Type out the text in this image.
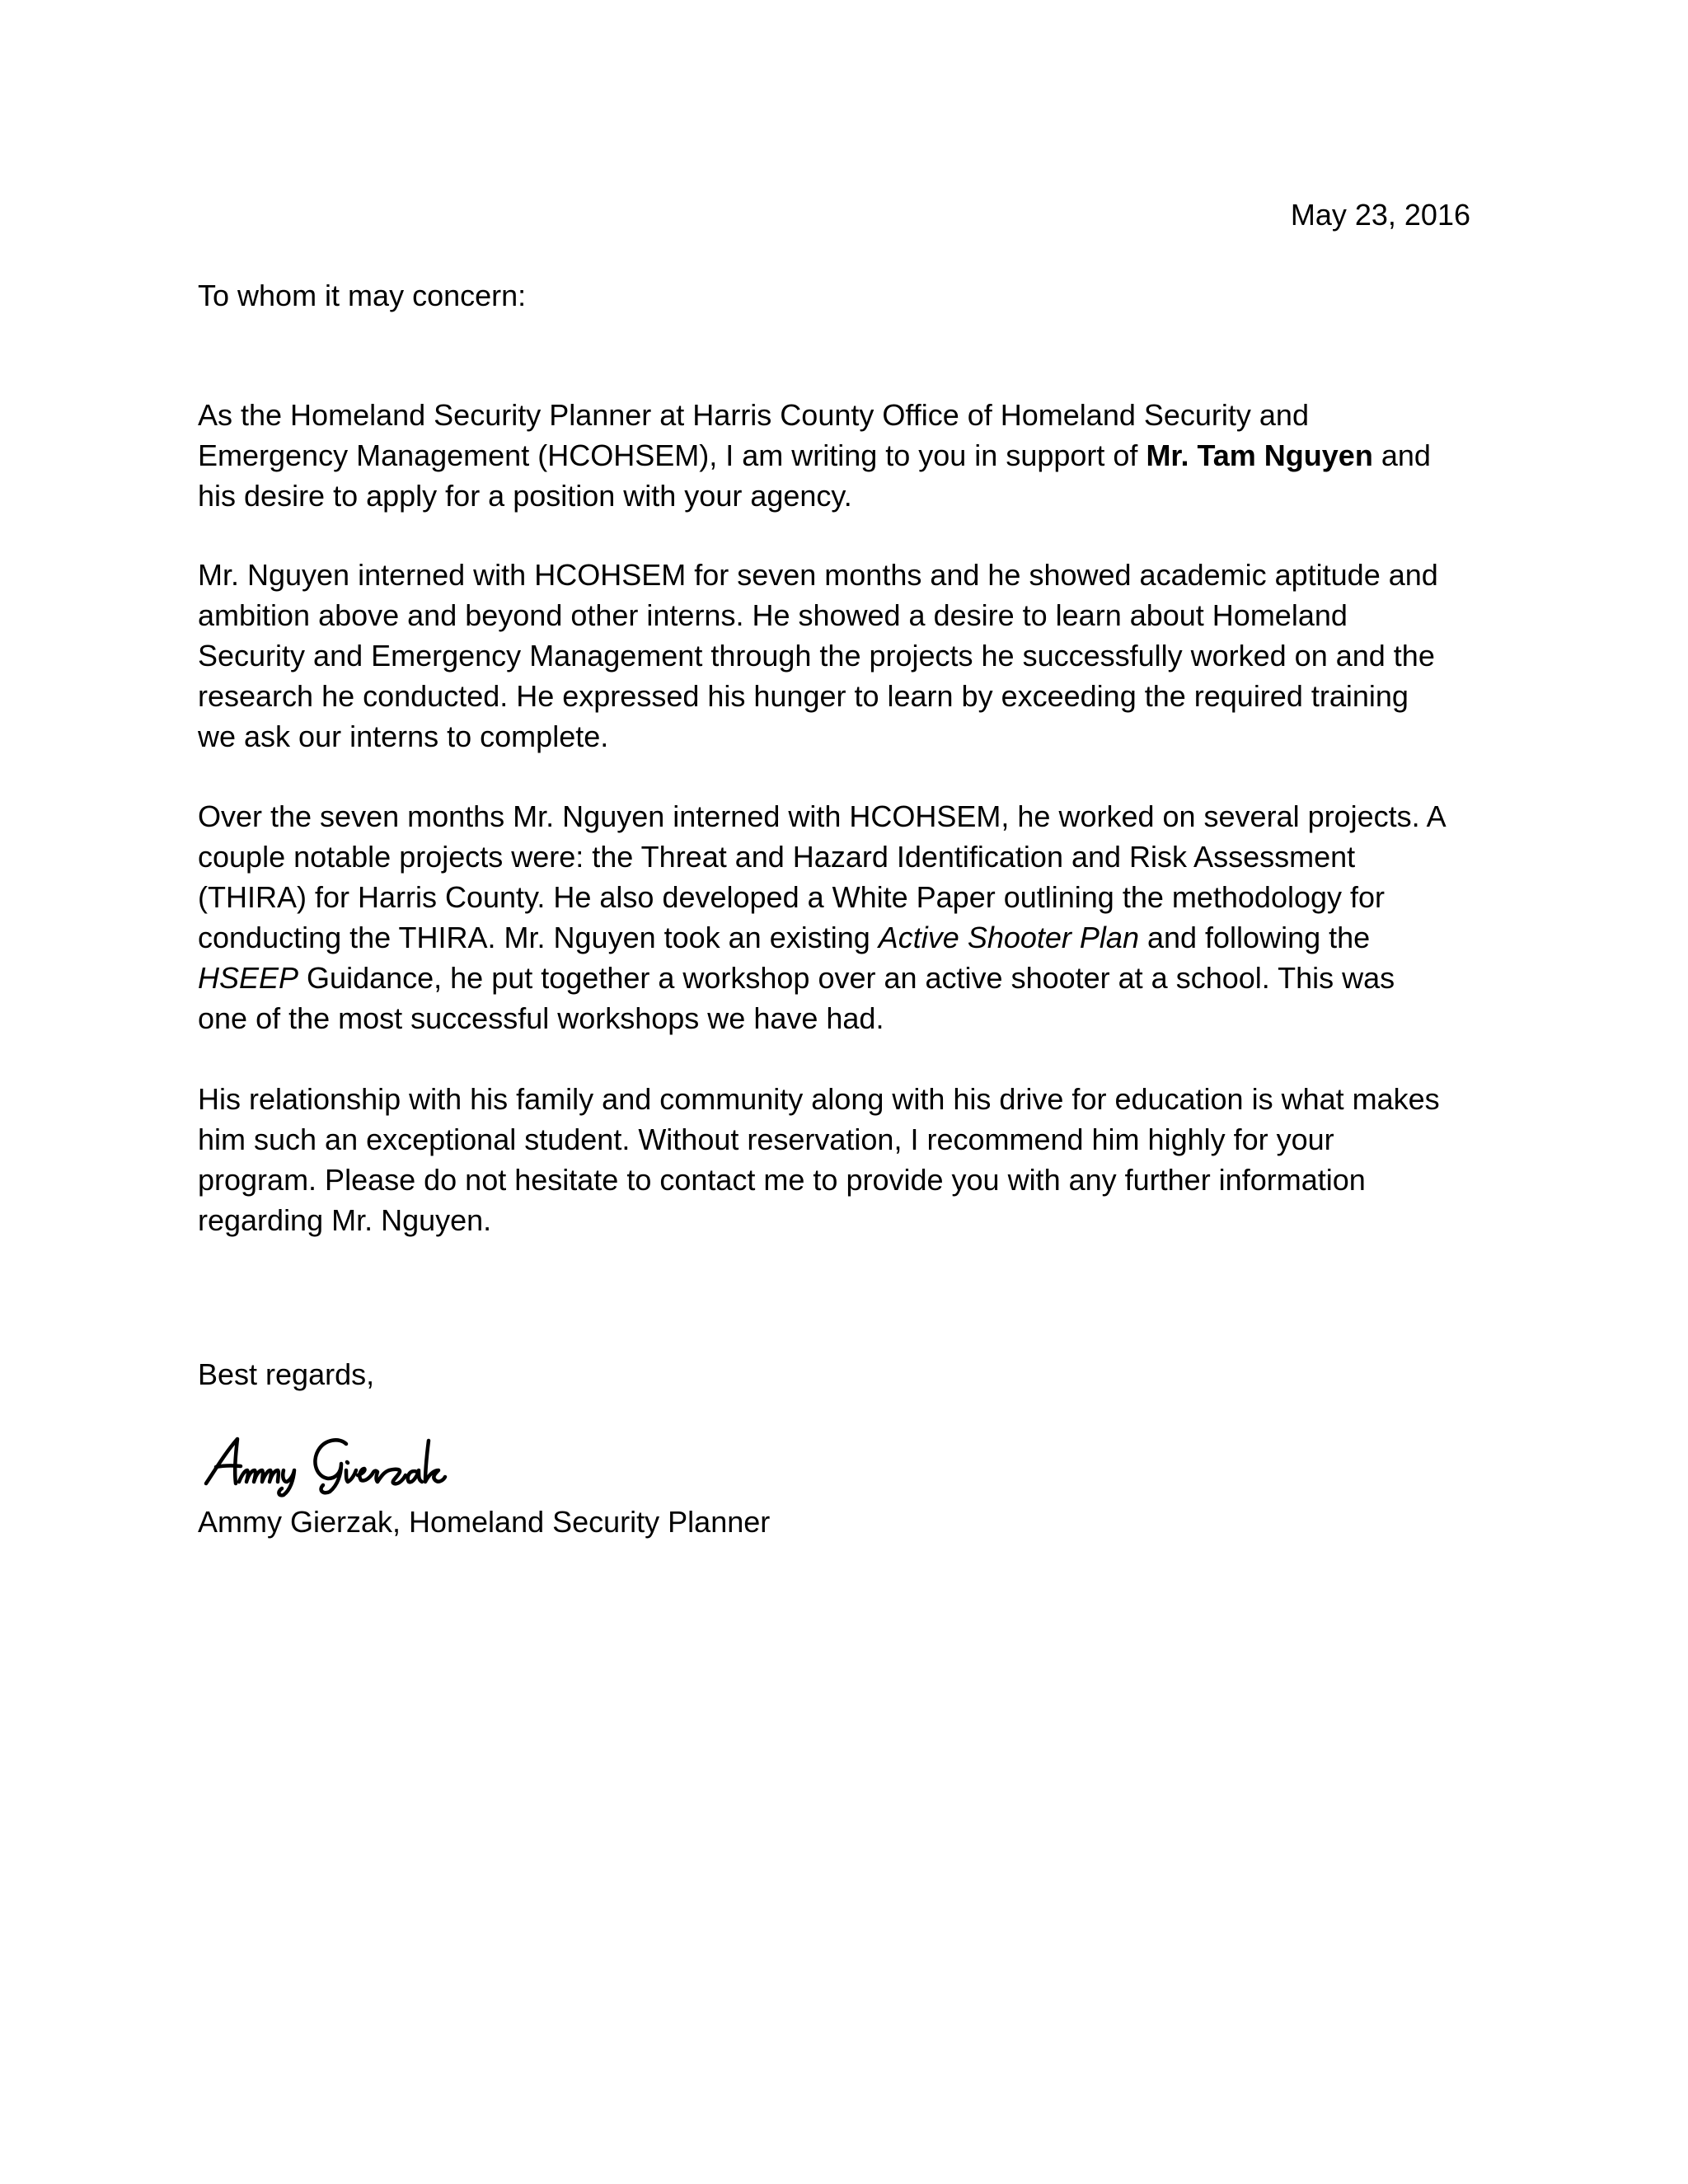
May 23, 2016

To whom it may concern:

As the Homeland Security Planner at Harris County Office of Homeland Security and
Emergency Management (HCOHSEM), I am writing to you in support of Mr. Tam Nguyen and
his desire to apply for a position with your agency.
Mr. Nguyen interned with HCOHSEM for seven months and he showed academic aptitude and
ambition above and beyond other interns. He showed a desire to learn about Homeland
Security and Emergency Management through the projects he successfully worked on and the
research he conducted. He expressed his hunger to learn by exceeding the required training
we ask our interns to complete.
Over the seven months Mr. Nguyen interned with HCOHSEM, he worked on several projects. A
couple notable projects were: the Threat and Hazard Identification and Risk Assessment
(THIRA) for Harris County. He also developed a White Paper outlining the methodology for
conducting the THIRA. Mr. Nguyen took an existing Active Shooter Plan and following the
HSEEP Guidance, he put together a workshop over an active shooter at a school. This was
one of the most successful workshops we have had.
His relationship with his family and community along with his drive for education is what makes
him such an exceptional student. Without reservation, I recommend him highly for your
program. Please do not hesitate to contact me to provide you with any further information
regarding Mr. Nguyen.

Best regards,

Ammy Gierzak, Homeland Security Planner
